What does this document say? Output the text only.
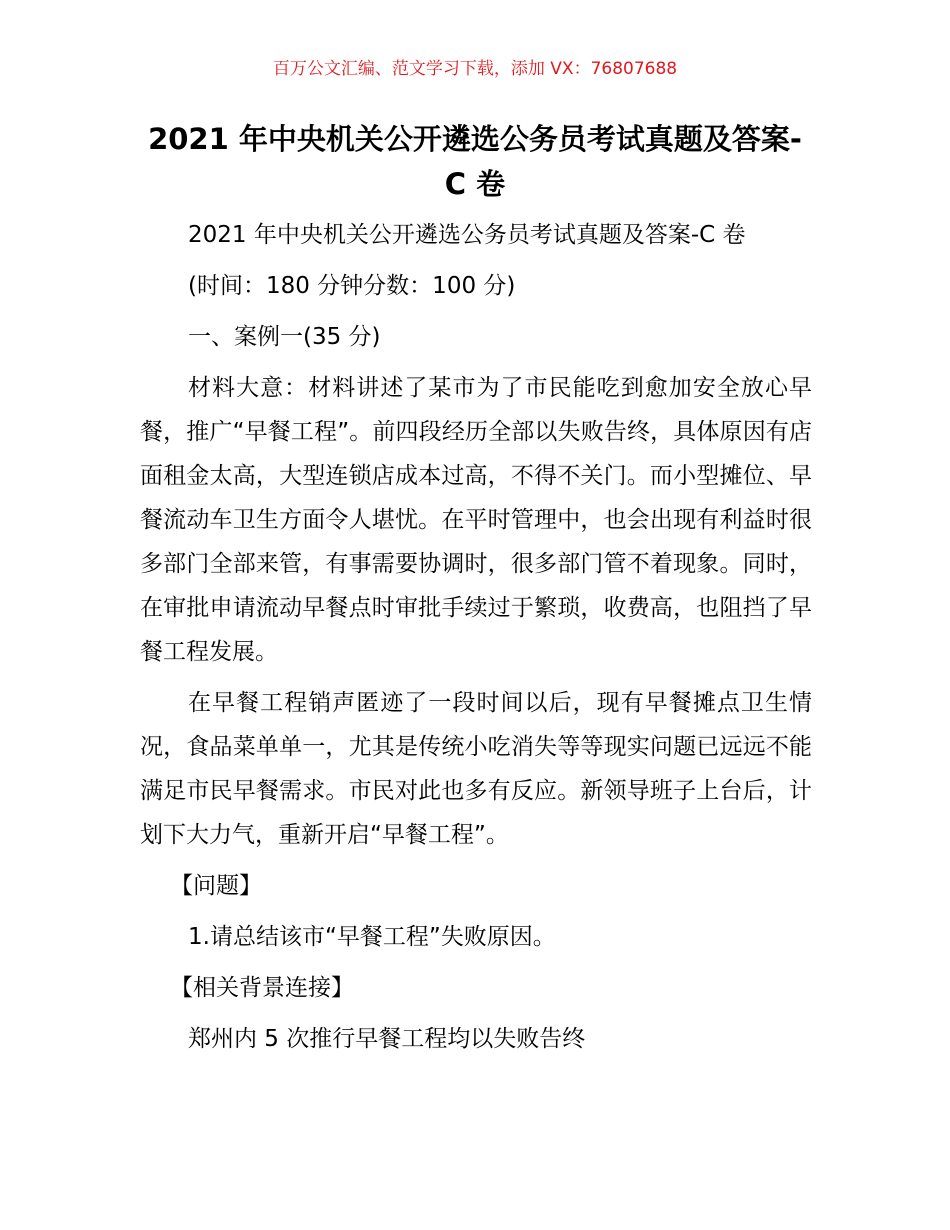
百万公文汇编、范文学习下载，添加 VX：76807688
2021 年中央机关公开遴选公务员考试真题及答案-C 卷

2021 年中央机关公开遴选公务员考试真题及答案-C 卷

(时间：180 分钟分数：100 分)

一、案例一(35 分)

材料大意：材料讲述了某市为了市民能吃到愈加安全放心早餐，推广“早餐工程”。前四段经历全部以失败告终，具体原因有店面租金太高，大型连锁店成本过高，不得不关门。而小型摊位、早餐流动车卫生方面令人堪忧。在平时管理中，也会出现有利益时很多部门全部来管，有事需要协调时，很多部门管不着现象。同时，在审批申请流动早餐点时审批手续过于繁琐，收费高，也阻挡了早餐工程发展。

在早餐工程销声匿迹了一段时间以后，现有早餐摊点卫生情况，食品菜单单一，尤其是传统小吃消失等等现实问题已远远不能满足市民早餐需求。市民对此也多有反应。新领导班子上台后，计划下大力气，重新开启“早餐工程”。

【问题】

1.请总结该市“早餐工程”失败原因。

【相关背景连接】

郑州内 5 次推行早餐工程均以失败告终
